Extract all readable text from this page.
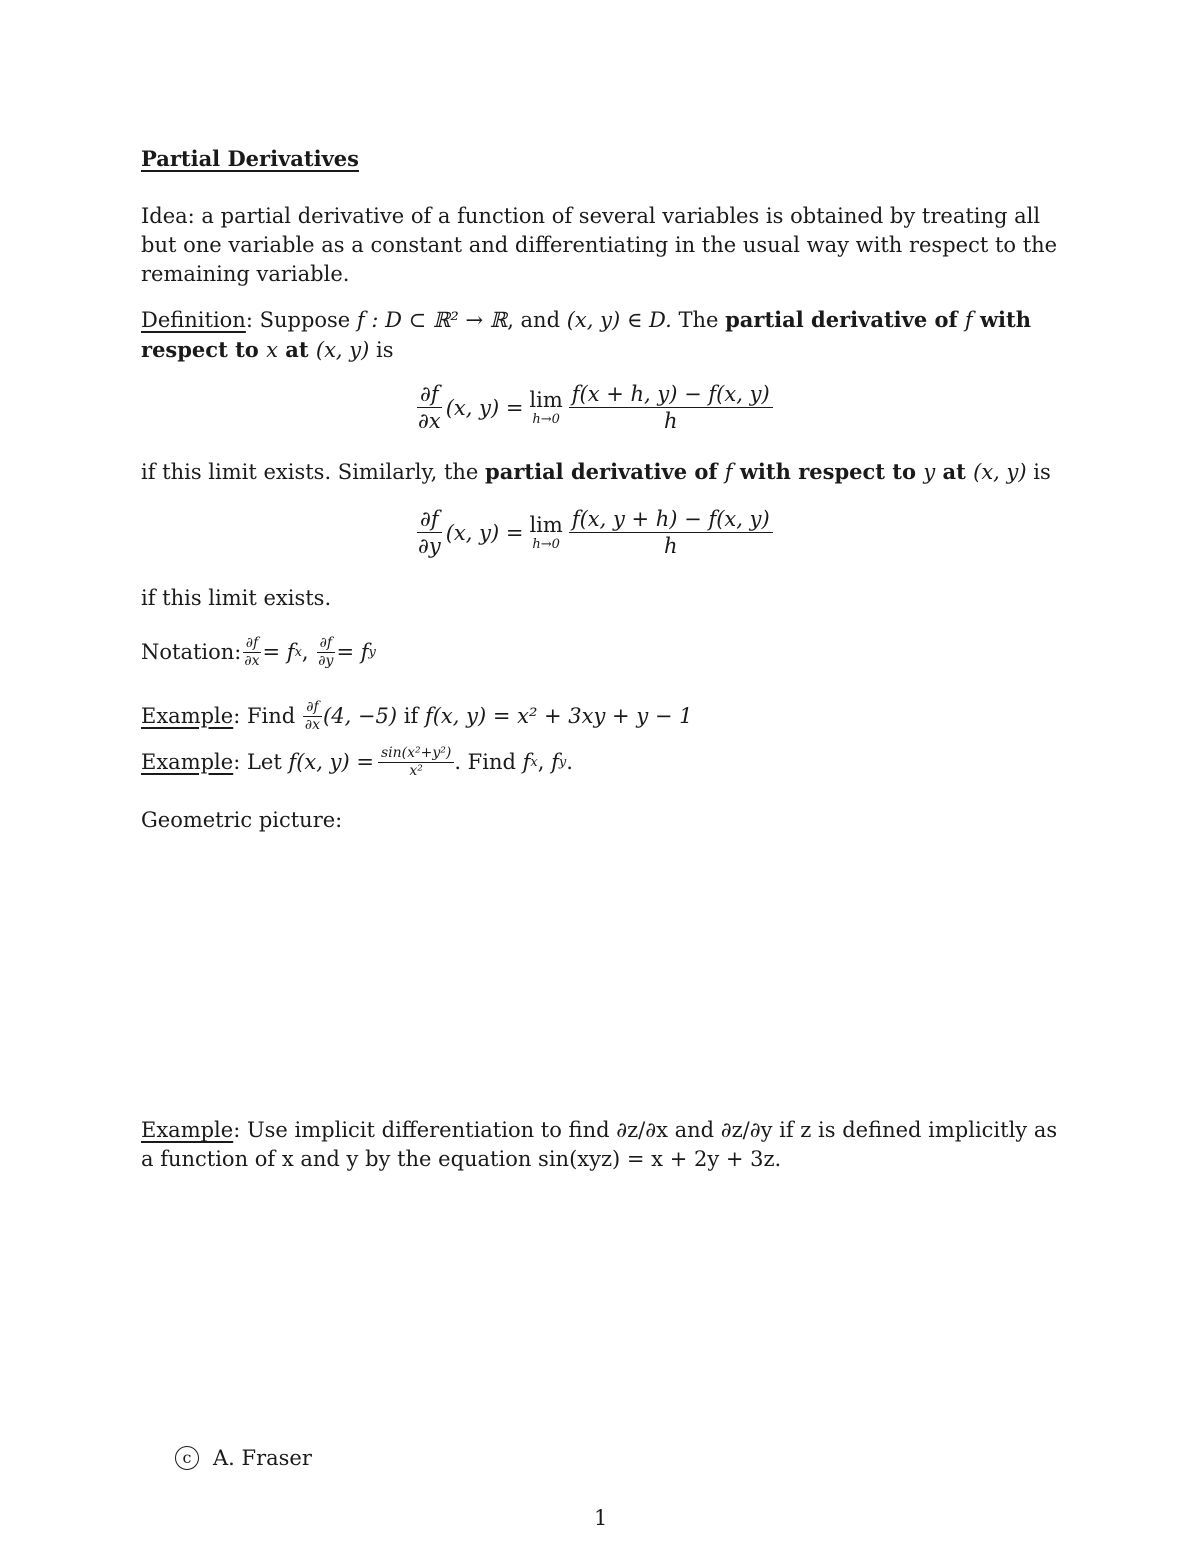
Partial Derivatives
Idea: a partial derivative of a function of several variables is obtained by treating all but one variable as a constant and differentiating in the usual way with respect to the remaining variable.
Definition: Suppose f : D ⊂ ℝ² → ℝ, and (x, y) ∈ D. The partial derivative of f with respect to x at (x, y) is
$\frac{\partial f}{\partial x} (x$, y) = lim
$h\to 0 \frac{f(x + h, y) - f(x, y)}{h}$
if this limit exists. Similarly, the partial derivative of f with respect to y at (x, y) is
$\frac{\partial f}{\partial y} (x$, y) = lim
$h\to 0 \frac{f(x, y + h) - f(x, y)}{h}$
if this limit exists.
Notation: $\frac{\partial f}{\partial x} = f$ x , $\frac{\partial f}{\partial y} = f$ y
Example : Find $\frac{\partial f}{\partial x} (4$, −5) if f(x, y) = x² + 3xy + y − 1
Example : Let f(x, $y) = \frac{\text{sin(x²+y²)}}{\text{x²}}$ . Find f x , f y .
Geometric picture:
Example: Use implicit differentiation to find ∂z/∂x and ∂z/∂y if z is defined implicitly as a function of x and y by the equation sin(xyz) = x + 2y + 3z.
c	A. Fraser
1
